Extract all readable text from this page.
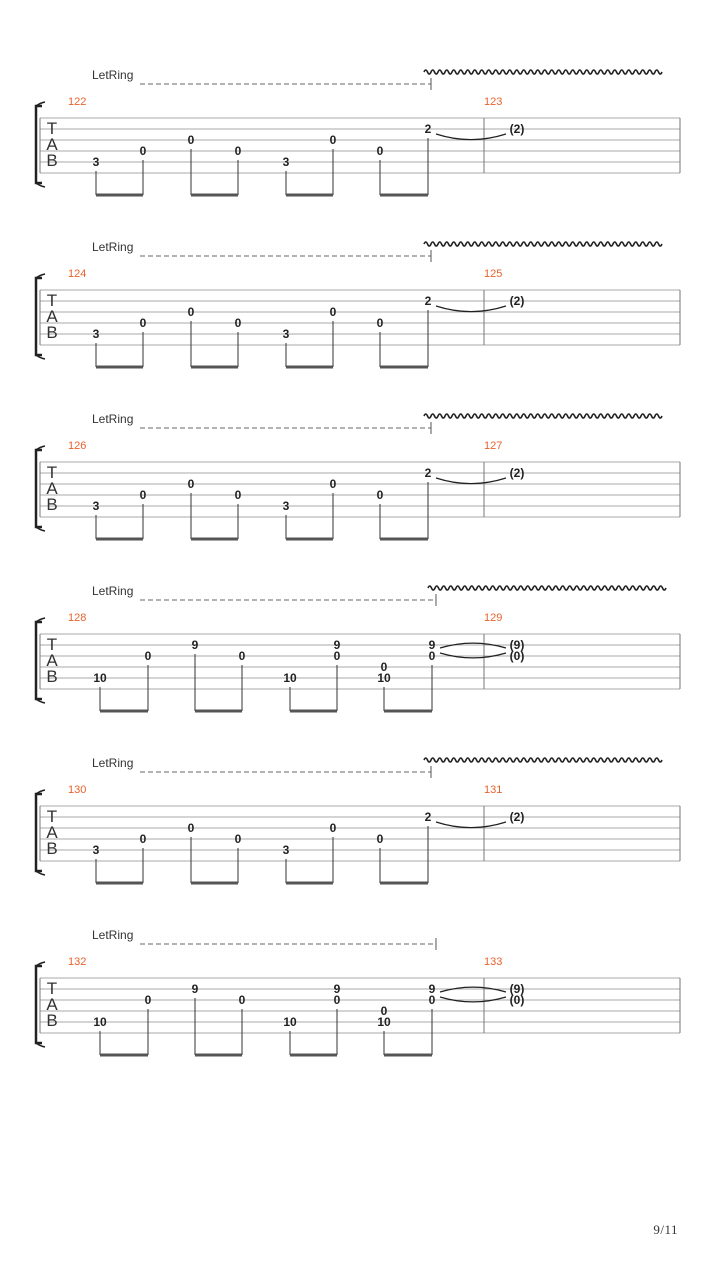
LetRing
T
A
B
122	123
3
0
0
0
3
0
0
2	(2)
LetRing
T
A
B
124	125
3
0
0
0
3
0
0
2	(2)
LetRing
T
A
B
126	127
3
0
0
0
3
0
0
2	(2)
LetRing
T
A
B
128	129
10
0
9
0
10
9
0
0
10
9
0
(9)
(0)
LetRing
T
A
B
130	131
3
0
0
0
3
0
0
2	(2)
LetRing
T
A
B
132	133
10
0
9
0
10
9
0
0
10
9
0
(9)
(0)
9/11
